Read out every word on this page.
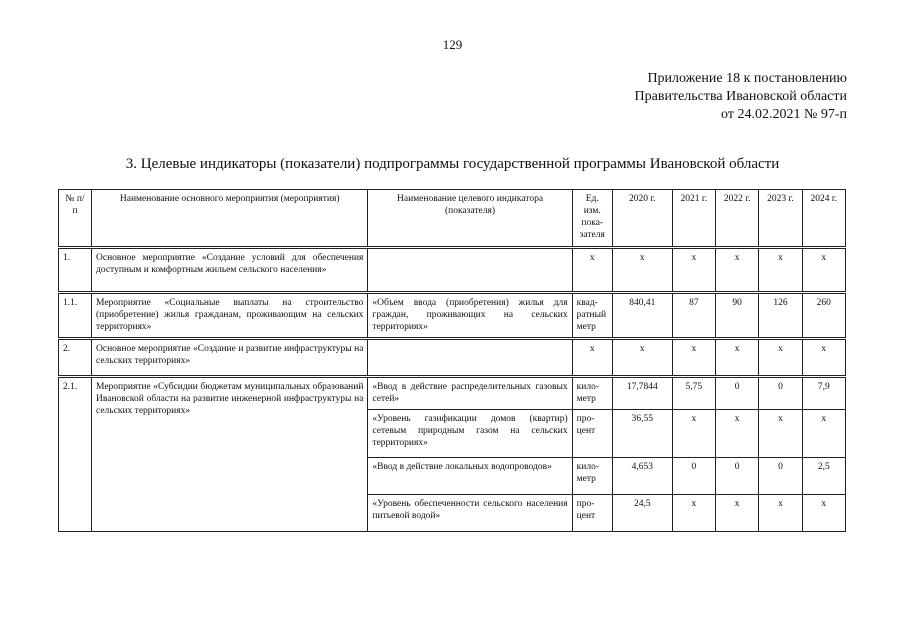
129
Приложение 18 к постановлению
Правительства Ивановской области
от 24.02.2021 № 97-п
3. Целевые индикаторы (показатели) подпрограммы государственной программы Ивановской области
№ п/п	Наименование основного мероприятия (мероприятия)	Наименование целевого индикатора (показателя)	Ед. изм. пока-зателя	2020 г.	2021 г.	2022 г.	2023 г.	2024 г.
1.	Основное мероприятие «Создание условий для обеспечения доступным и комфортным жильем сельского населения»		х	х	х	х	х	х
1.1.	Мероприятие «Социальные выплаты на строительство (приобретение) жилья гражданам, проживающим на сельских территориях»	«Объем ввода (приобретения) жилья для граждан, проживающих на сельских территориях»	квад-ратный метр	840,41	87	90	126	260
2.	Основное мероприятие «Создание и развитие инфраструктуры на сельских территориях»		х	х	х	х	х	х
2.1.	Мероприятие «Субсидии бюджетам муниципальных образований Ивановской области на развитие инженерной инфраструктуры на сельских территориях»	«Ввод в действие распределительных газовых сетей»	кило-метр	17,7844	5,75	0	0	7,9
		«Уровень газификации домов (квартир) сетевым природным газом на сельских территориях»	про-цент	36,55	х	х	х	х
		«Ввод в действие локальных водопроводов»	кило-метр	4,653	0	0	0	2,5
		«Уровень обеспеченности сельского населения питьевой водой»	про-цент	24,5	х	х	х	х
